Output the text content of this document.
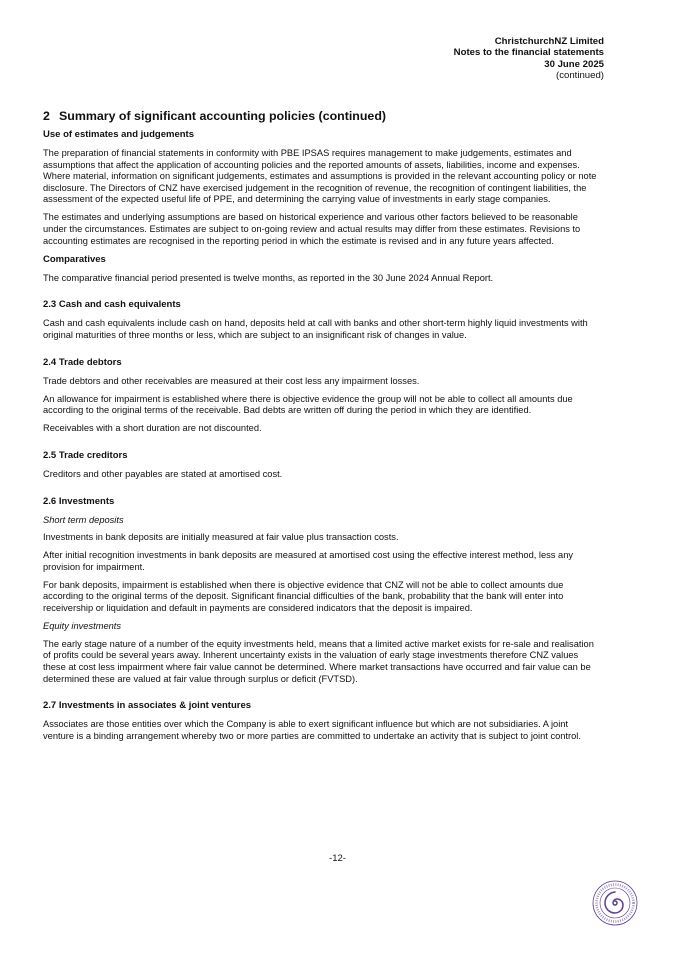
ChristchurchNZ Limited
Notes to the financial statements
30 June 2025
(continued)
2 Summary of significant accounting policies (continued)
Use of estimates and judgements

The preparation of financial statements in conformity with PBE IPSAS requires management to make judgements, estimates and assumptions that affect the application of accounting policies and the reported amounts of assets, liabilities, income and expenses. Where material, information on significant judgements, estimates and assumptions is provided in the relevant accounting policy or note disclosure. The Directors of CNZ have exercised judgement in the recognition of revenue, the recognition of contingent liabilities, the assessment of the expected useful life of PPE, and determining the carrying value of investments in early stage companies.

The estimates and underlying assumptions are based on historical experience and various other factors believed to be reasonable under the circumstances. Estimates are subject to on-going review and actual results may differ from these estimates. Revisions to accounting estimates are recognised in the reporting period in which the estimate is revised and in any future years affected.

Comparatives

The comparative financial period presented is twelve months, as reported in the 30 June 2024 Annual Report.

2.3 Cash and cash equivalents

Cash and cash equivalents include cash on hand, deposits held at call with banks and other short-term highly liquid investments with original maturities of three months or less, which are subject to an insignificant risk of changes in value.

2.4 Trade debtors

Trade debtors and other receivables are measured at their cost less any impairment losses.

An allowance for impairment is established where there is objective evidence the group will not be able to collect all amounts due according to the original terms of the receivable. Bad debts are written off during the period in which they are identified.

Receivables with a short duration are not discounted.

2.5 Trade creditors

Creditors and other payables are stated at amortised cost.

2.6 Investments

Short term deposits

Investments in bank deposits are initially measured at fair value plus transaction costs.

After initial recognition investments in bank deposits are measured at amortised cost using the effective interest method, less any provision for impairment.

For bank deposits, impairment is established when there is objective evidence that CNZ will not be able to collect amounts due according to the original terms of the deposit. Significant financial difficulties of the bank, probability that the bank will enter into receivership or liquidation and default in payments are considered indicators that the deposit is impaired.

Equity investments

The early stage nature of a number of the equity investments held, means that a limited active market exists for re-sale and realisation of profits could be several years away. Inherent uncertainty exists in the valuation of early stage investments therefore CNZ values these at cost less impairment where fair value cannot be determined. Where market transactions have occurred and fair value can be determined these are valued at fair value through surplus or deficit (FVTSD).

2.7 Investments in associates & joint ventures

Associates are those entities over which the Company is able to exert significant influence but which are not subsidiaries. A joint venture is a binding arrangement whereby two or more parties are committed to undertake an activity that is subject to joint control.

-12-
